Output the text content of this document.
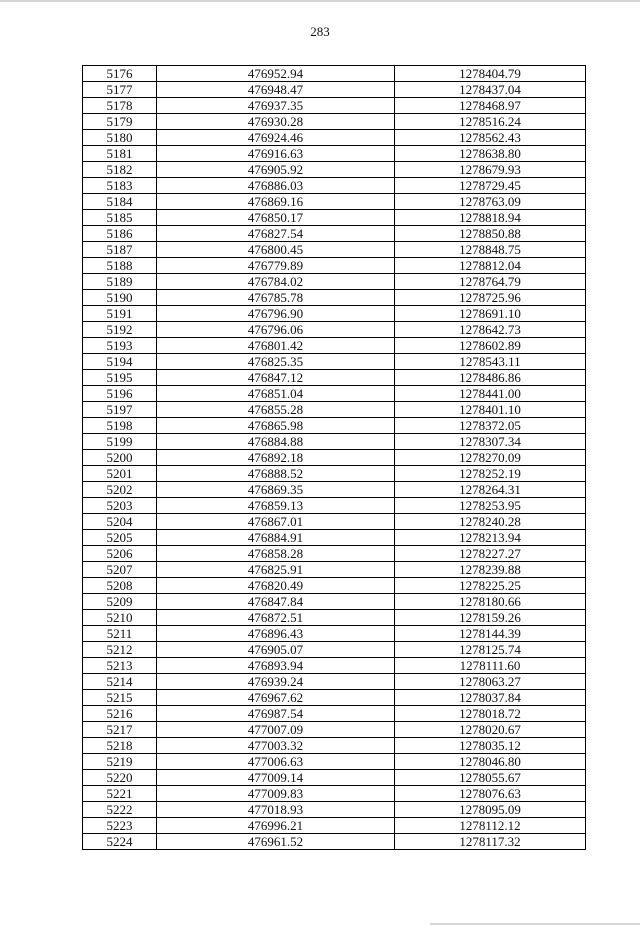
283
5176	476952.94	1278404.79
5177	476948.47	1278437.04
5178	476937.35	1278468.97
5179	476930.28	1278516.24
5180	476924.46	1278562.43
5181	476916.63	1278638.80
5182	476905.92	1278679.93
5183	476886.03	1278729.45
5184	476869.16	1278763.09
5185	476850.17	1278818.94
5186	476827.54	1278850.88
5187	476800.45	1278848.75
5188	476779.89	1278812.04
5189	476784.02	1278764.79
5190	476785.78	1278725.96
5191	476796.90	1278691.10
5192	476796.06	1278642.73
5193	476801.42	1278602.89
5194	476825.35	1278543.11
5195	476847.12	1278486.86
5196	476851.04	1278441.00
5197	476855.28	1278401.10
5198	476865.98	1278372.05
5199	476884.88	1278307.34
5200	476892.18	1278270.09
5201	476888.52	1278252.19
5202	476869.35	1278264.31
5203	476859.13	1278253.95
5204	476867.01	1278240.28
5205	476884.91	1278213.94
5206	476858.28	1278227.27
5207	476825.91	1278239.88
5208	476820.49	1278225.25
5209	476847.84	1278180.66
5210	476872.51	1278159.26
5211	476896.43	1278144.39
5212	476905.07	1278125.74
5213	476893.94	1278111.60
5214	476939.24	1278063.27
5215	476967.62	1278037.84
5216	476987.54	1278018.72
5217	477007.09	1278020.67
5218	477003.32	1278035.12
5219	477006.63	1278046.80
5220	477009.14	1278055.67
5221	477009.83	1278076.63
5222	477018.93	1278095.09
5223	476996.21	1278112.12
5224	476961.52	1278117.32
